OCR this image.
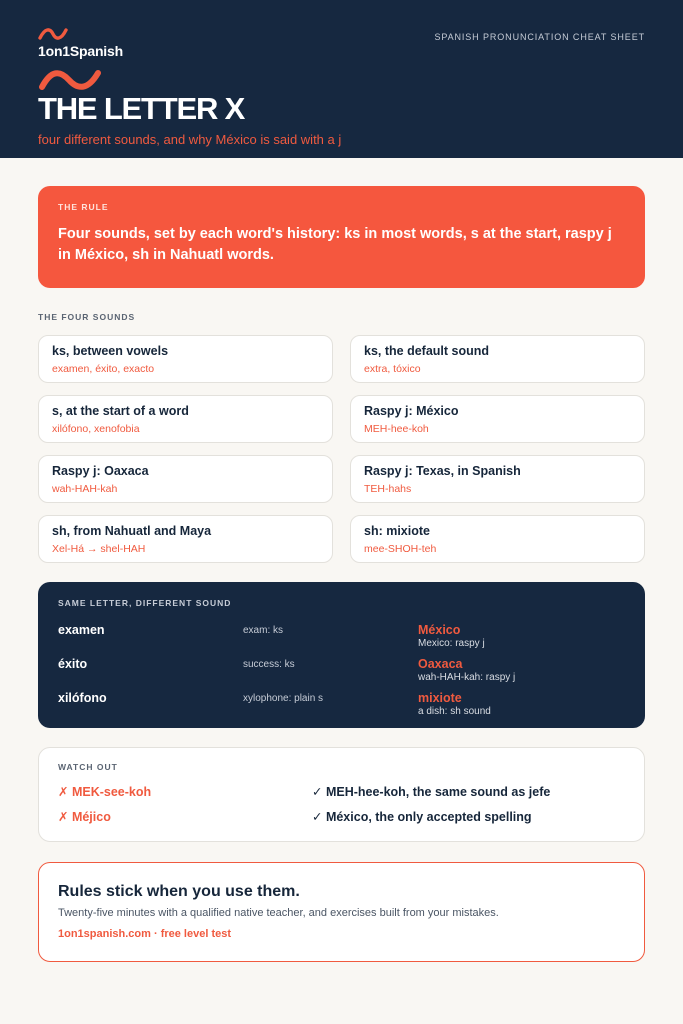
1on1Spanish
SPANISH PRONUNCIATION CHEAT SHEET
THE LETTER X
four different sounds, and why México is said with a j
THE RULE
Four sounds, set by each word's history: ks in most words, s at the start, raspy j in México, sh in Nahuatl words.
THE FOUR SOUNDS
ks, between vowels
examen, éxito, exacto
ks, the default sound
extra, tóxico
s, at the start of a word
xilófono, xenofobia
Raspy j: México
MEH-hee-koh
Raspy j: Oaxaca
wah-HAH-kah
Raspy j: Texas, in Spanish
TEH-hahs
sh, from Nahuatl and Maya
Xel-Há → shel-HAH
sh: mixiote
mee-SHOH-teh
SAME LETTER, DIFFERENT SOUND
examen	exam: ks	México
Mexico: raspy j
éxito	success: ks	Oaxaca
wah-HAH-kah: raspy j
xilófono	xylophone: plain s	mixiote
a dish: sh sound
WATCH OUT
✗ MEK-see-koh	✓ MEH-hee-koh, the same sound as jefe
✗ Méjico	✓ México, the only accepted spelling
Rules stick when you use them.
Twenty-five minutes with a qualified native teacher, and exercises built from your mistakes.
1on1spanish.com · free level test
